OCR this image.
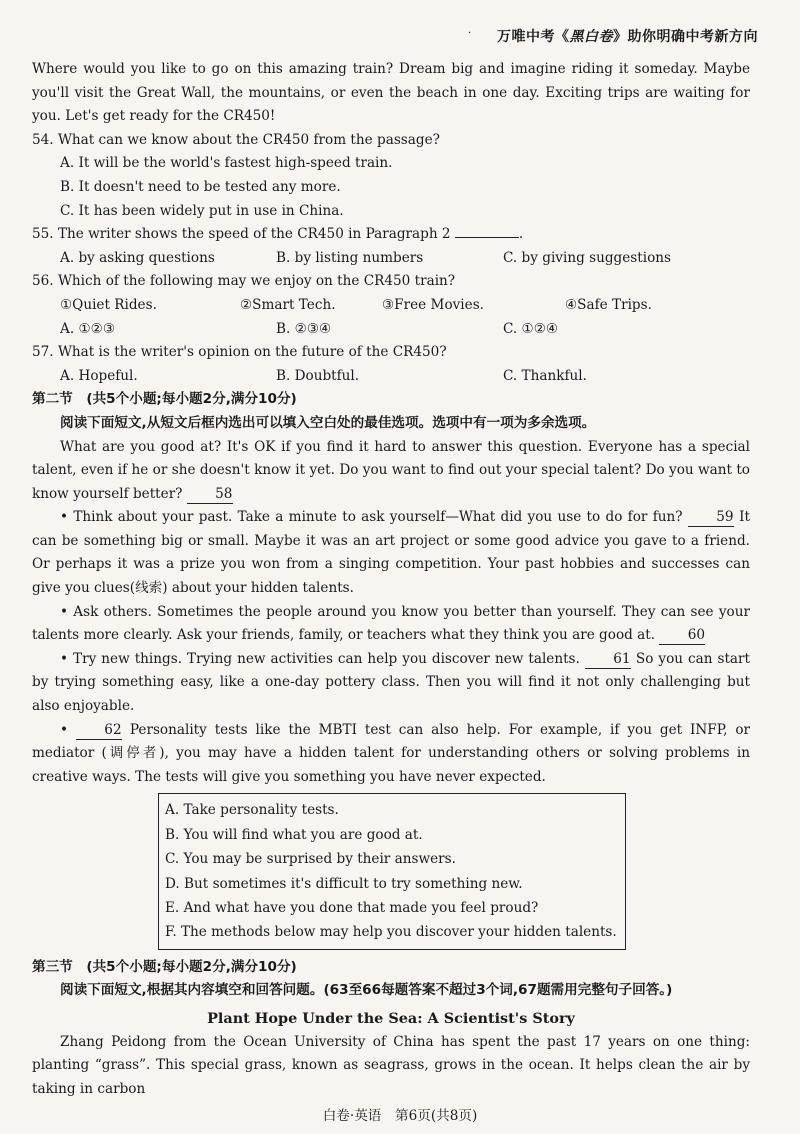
· 万唯中考《黑白卷》助你明确中考新方向

Where would you like to go on this amazing train? Dream big and imagine riding it someday. Maybe you'll visit the Great Wall, the mountains, or even the beach in one day. Exciting trips are waiting for you. Let's get ready for the CR450!

54. What can we know about the CR450 from the passage?

A. It will be the world's fastest high-speed train.

B. It doesn't need to be tested any more.

C. It has been widely put in use in China.

55. The writer shows the speed of the CR450 in Paragraph 2	.

A. by asking questions	B. by listing numbers	C. by giving suggestions

56. Which of the following may we enjoy on the CR450 train?

①Quiet Rides.	②Smart Tech.	③Free Movies.	④Safe Trips.
A. ①②③	B. ②③④	C. ①②④

57. What is the writer's opinion on the future of the CR450?

A. Hopeful.	B. Doubtful.	C. Thankful.

第二节　(共5个小题;每小题2分,满分10分)

阅读下面短文,从短文后框内选出可以填入空白处的最佳选项。选项中有一项为多余选项。

What are you good at? It's OK if you find it hard to answer this question. Everyone has a special talent, even if he or she doesn't know it yet. Do you want to find out your special talent? Do you want to know yourself better? 58

• Think about your past. Take a minute to ask yourself—What did you use to do for fun? 59 It can be something big or small. Maybe it was an art project or some good advice you gave to a friend. Or perhaps it was a prize you won from a singing competition. Your past hobbies and successes can give you clues(线索) about your hidden talents.

• Ask others. Sometimes the people around you know you better than yourself. They can see your talents more clearly. Ask your friends, family, or teachers what they think you are good at. 60

• Try new things. Trying new activities can help you discover new talents. 61 So you can start by trying something easy, like a one-day pottery class. Then you will find it not only challenging but also enjoyable.

•	62 Personality tests like the MBTI test can also help. For example, if you get INFP, or mediator (调停者), you may have a hidden talent for understanding others or solving problems in creative ways. The tests will give you something you have never expected.

A. Take personality tests.
B. You will find what you are good at.
C. You may be surprised by their answers.
D. But sometimes it's difficult to try something new.
E. And what have you done that made you feel proud?
F. The methods below may help you discover your hidden talents.

第三节　(共5个小题;每小题2分,满分10分)

阅读下面短文,根据其内容填空和回答问题。(63至66每题答案不超过3个词,67题需用完整句子回答。)

Plant Hope Under the Sea: A Scientist's Story

Zhang Peidong from the Ocean University of China has spent the past 17 years on one thing: planting “grass”. This special grass, known as seagrass, grows in the ocean. It helps clean the air by taking in carbon

白卷·英语　第6页(共8页)
